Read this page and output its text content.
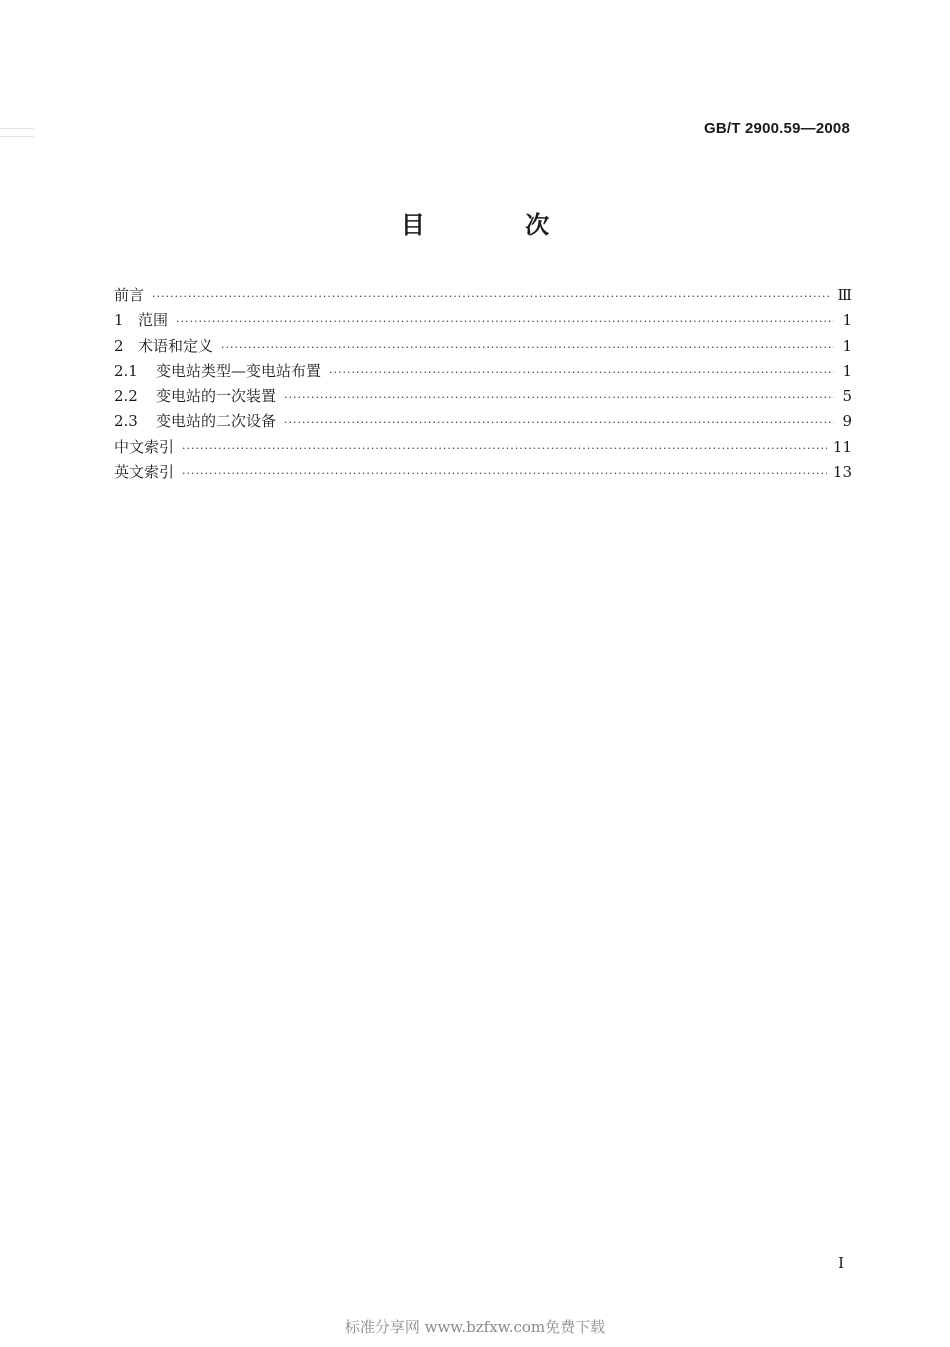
GB/T 2900.59—2008
目 次
前言 ·····	Ⅲ
1 范围 ·····	1
2 术语和定义 ·····	1
2.1	变电站类型—变电站布置 ·····	1
2.2	变电站的一次装置 ·····	5
2.3	变电站的二次设备 ·····	9
中文索引 ·····	11
英文索引 ·····	13
I
标准分享网 www.bzfxw.com免费下载
